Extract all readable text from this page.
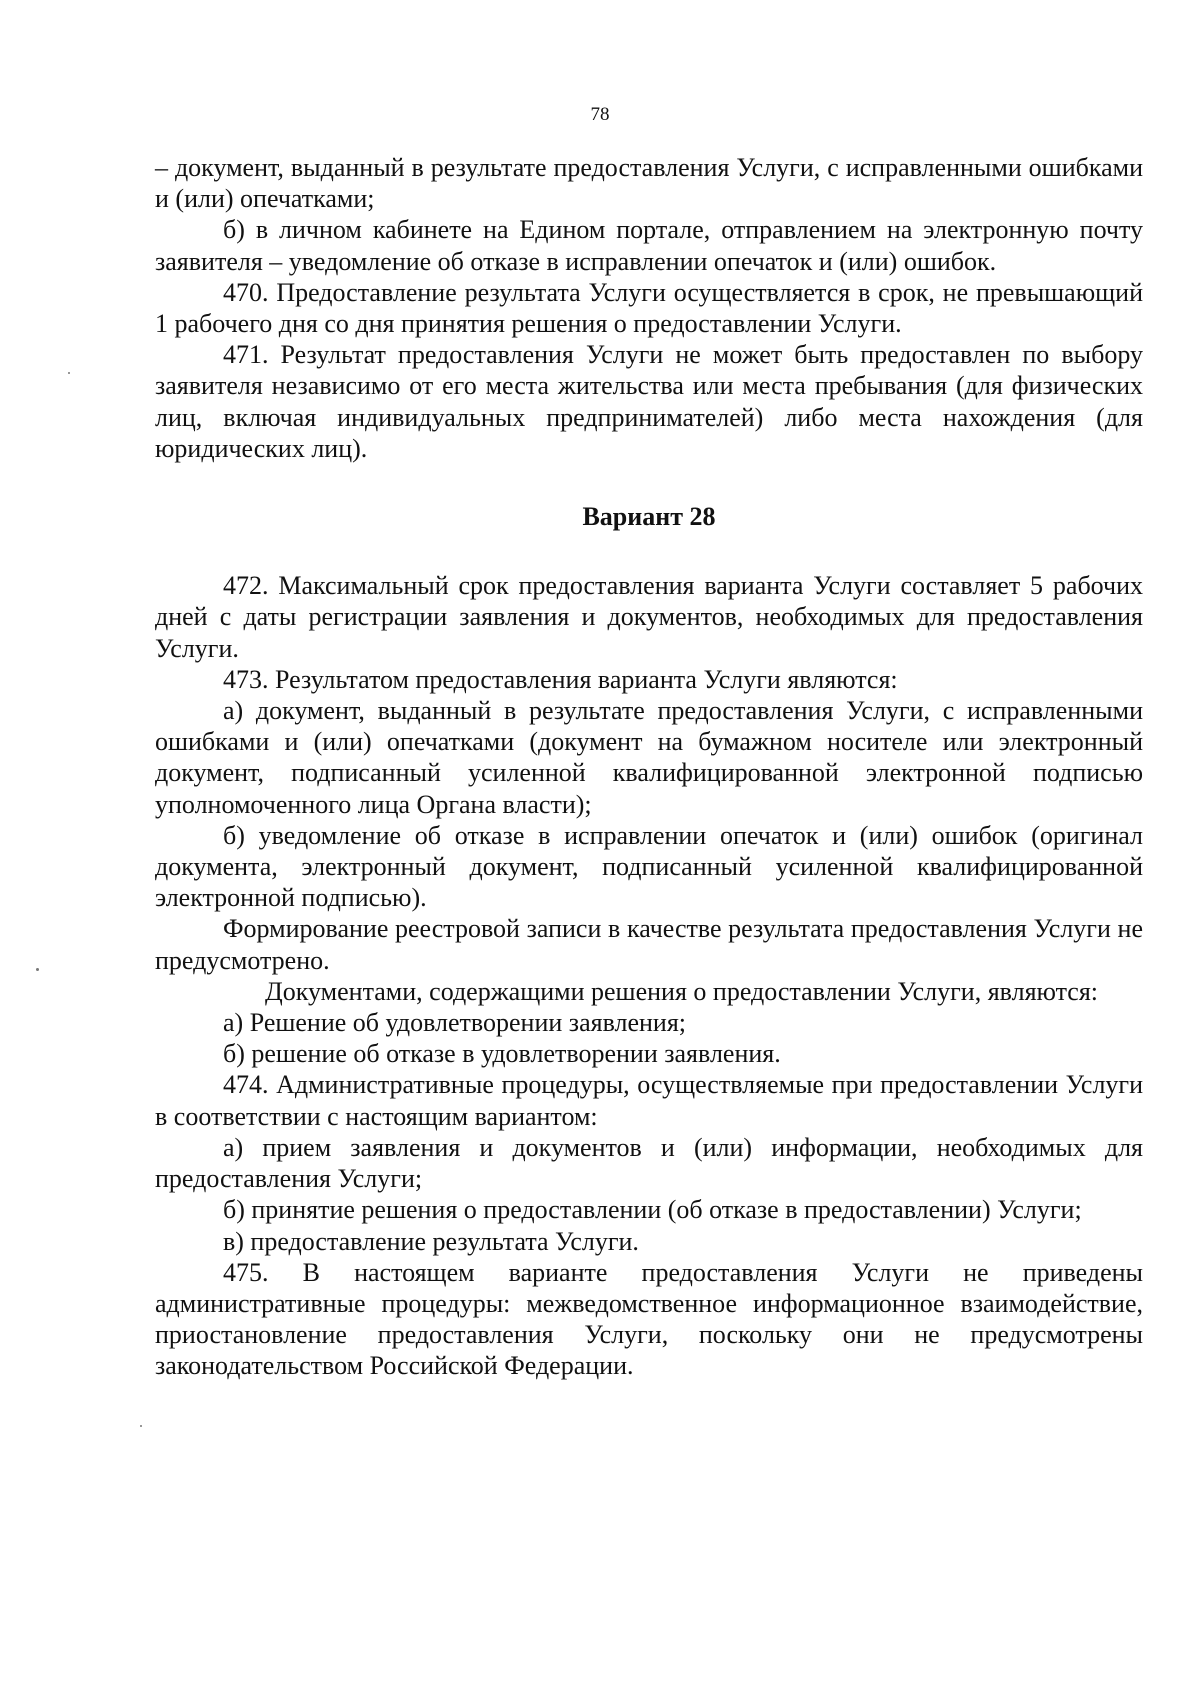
78

– документ, выданный в результате предоставления Услуги, с исправленными ошибками и (или) опечатками;

б) в личном кабинете на Едином портале, отправлением на электронную почту заявителя – уведомление об отказе в исправлении опечаток и (или) ошибок.

470. Предоставление результата Услуги осуществляется в срок, не превышающий 1 рабочего дня со дня принятия решения о предоставлении Услуги.

471. Результат предоставления Услуги не может быть предоставлен по выбору заявителя независимо от его места жительства или места пребывания (для физических лиц, включая индивидуальных предпринимателей) либо места нахождения (для юридических лиц).

Вариант 28

472. Максимальный срок предоставления варианта Услуги составляет 5 рабочих дней с даты регистрации заявления и документов, необходимых для предоставления Услуги.

473. Результатом предоставления варианта Услуги являются:

а) документ, выданный в результате предоставления Услуги, с исправленными ошибками и (или) опечатками (документ на бумажном носителе или электронный документ, подписанный усиленной квалифицированной электронной подписью уполномоченного лица Органа власти);

б) уведомление об отказе в исправлении опечаток и (или) ошибок (оригинал документа, электронный документ, подписанный усиленной квалифицированной электронной подписью).

Формирование реестровой записи в качестве результата предоставления Услуги не предусмотрено.

Документами, содержащими решения о предоставлении Услуги, являются:

а) Решение об удовлетворении заявления;

б) решение об отказе в удовлетворении заявления.

474. Административные процедуры, осуществляемые при предоставлении Услуги в соответствии с настоящим вариантом:

а) прием заявления и документов и (или) информации, необходимых для предоставления Услуги;

б) принятие решения о предоставлении (об отказе в предоставлении) Услуги;

в) предоставление результата Услуги.

475. В настоящем варианте предоставления Услуги не приведены административные процедуры: межведомственное информационное взаимодействие, приостановление предоставления Услуги, поскольку они не предусмотрены законодательством Российской Федерации.
